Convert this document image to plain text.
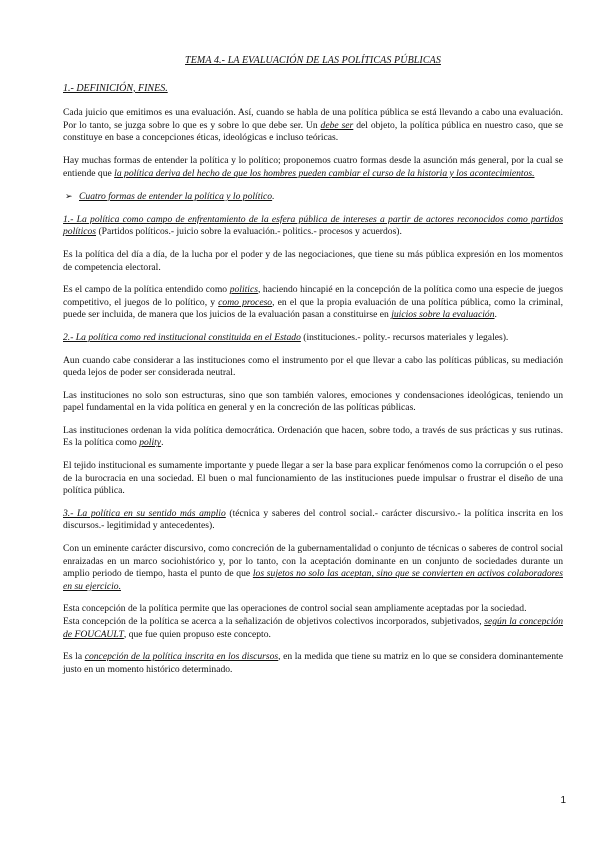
TEMA 4.- LA EVALUACIÓN DE LAS POLÍTICAS PÚBLICAS
1.- DEFINICIÓN, FINES.

Cada juicio que emitimos es una evaluación. Así, cuando se habla de una política pública se está llevando a cabo una evaluación. Por lo tanto, se juzga sobre lo que es y sobre lo que debe ser. Un debe ser del objeto, la política pública en nuestro caso, que se constituye en base a concepciones éticas, ideológicas e incluso teóricas.

Hay muchas formas de entender la política y lo político; proponemos cuatro formas desde la asunción más general, por la cual se entiende que la política deriva del hecho de que los hombres pueden cambiar el curso de la historia y los acontecimientos.

➢ Cuatro formas de entender la política y lo político.

1.- La política como campo de enfrentamiento de la esfera pública de intereses a partir de actores reconocidos como partidos políticos (Partidos políticos.- juicio sobre la evaluación.- politics.- procesos y acuerdos).

Es la política del día a día, de la lucha por el poder y de las negociaciones, que tiene su más pública expresión en los momentos de competencia electoral.

Es el campo de la política entendido como politics, haciendo hincapié en la concepción de la política como una especie de juegos competitivo, el juegos de lo político, y como proceso, en el que la propia evaluación de una política pública, como la criminal, puede ser incluida, de manera que los juicios de la evaluación pasan a constituirse en juicios sobre la evaluación.

2.- La política como red institucional constituida en el Estado (instituciones.- polity.- recursos materiales y legales).

Aun cuando cabe considerar a las instituciones como el instrumento por el que llevar a cabo las políticas públicas, su mediación queda lejos de poder ser considerada neutral.

Las instituciones no solo son estructuras, sino que son también valores, emociones y condensaciones ideológicas, teniendo un papel fundamental en la vida política en general y en la concreción de las políticas públicas.

Las instituciones ordenan la vida política democrática. Ordenación que hacen, sobre todo, a través de sus prácticas y sus rutinas. Es la política como polity.

El tejido institucional es sumamente importante y puede llegar a ser la base para explicar fenómenos como la corrupción o el peso de la burocracia en una sociedad. El buen o mal funcionamiento de las instituciones puede impulsar o frustrar el diseño de una política pública.

3.- La política en su sentido más amplio (técnica y saberes del control social.- carácter discursivo.- la política inscrita en los discursos.- legitimidad y antecedentes).

Con un eminente carácter discursivo, como concreción de la gubernamentalidad o conjunto de técnicas o saberes de control social enraizadas en un marco sociohistórico y, por lo tanto, con la aceptación dominante en un conjunto de sociedades durante un amplio periodo de tiempo, hasta el punto de que los sujetos no solo las aceptan, sino que se convierten en activos colaboradores en su ejercicio.

Esta concepción de la política permite que las operaciones de control social sean ampliamente aceptadas por la sociedad.

Esta concepción de la política se acerca a la señalización de objetivos colectivos incorporados, subjetivados, según la concepción de FOUCAULT, que fue quien propuso este concepto.

Es la concepción de la política inscrita en los discursos, en la medida que tiene su matriz en lo que se considera dominantemente justo en un momento histórico determinado.

1
